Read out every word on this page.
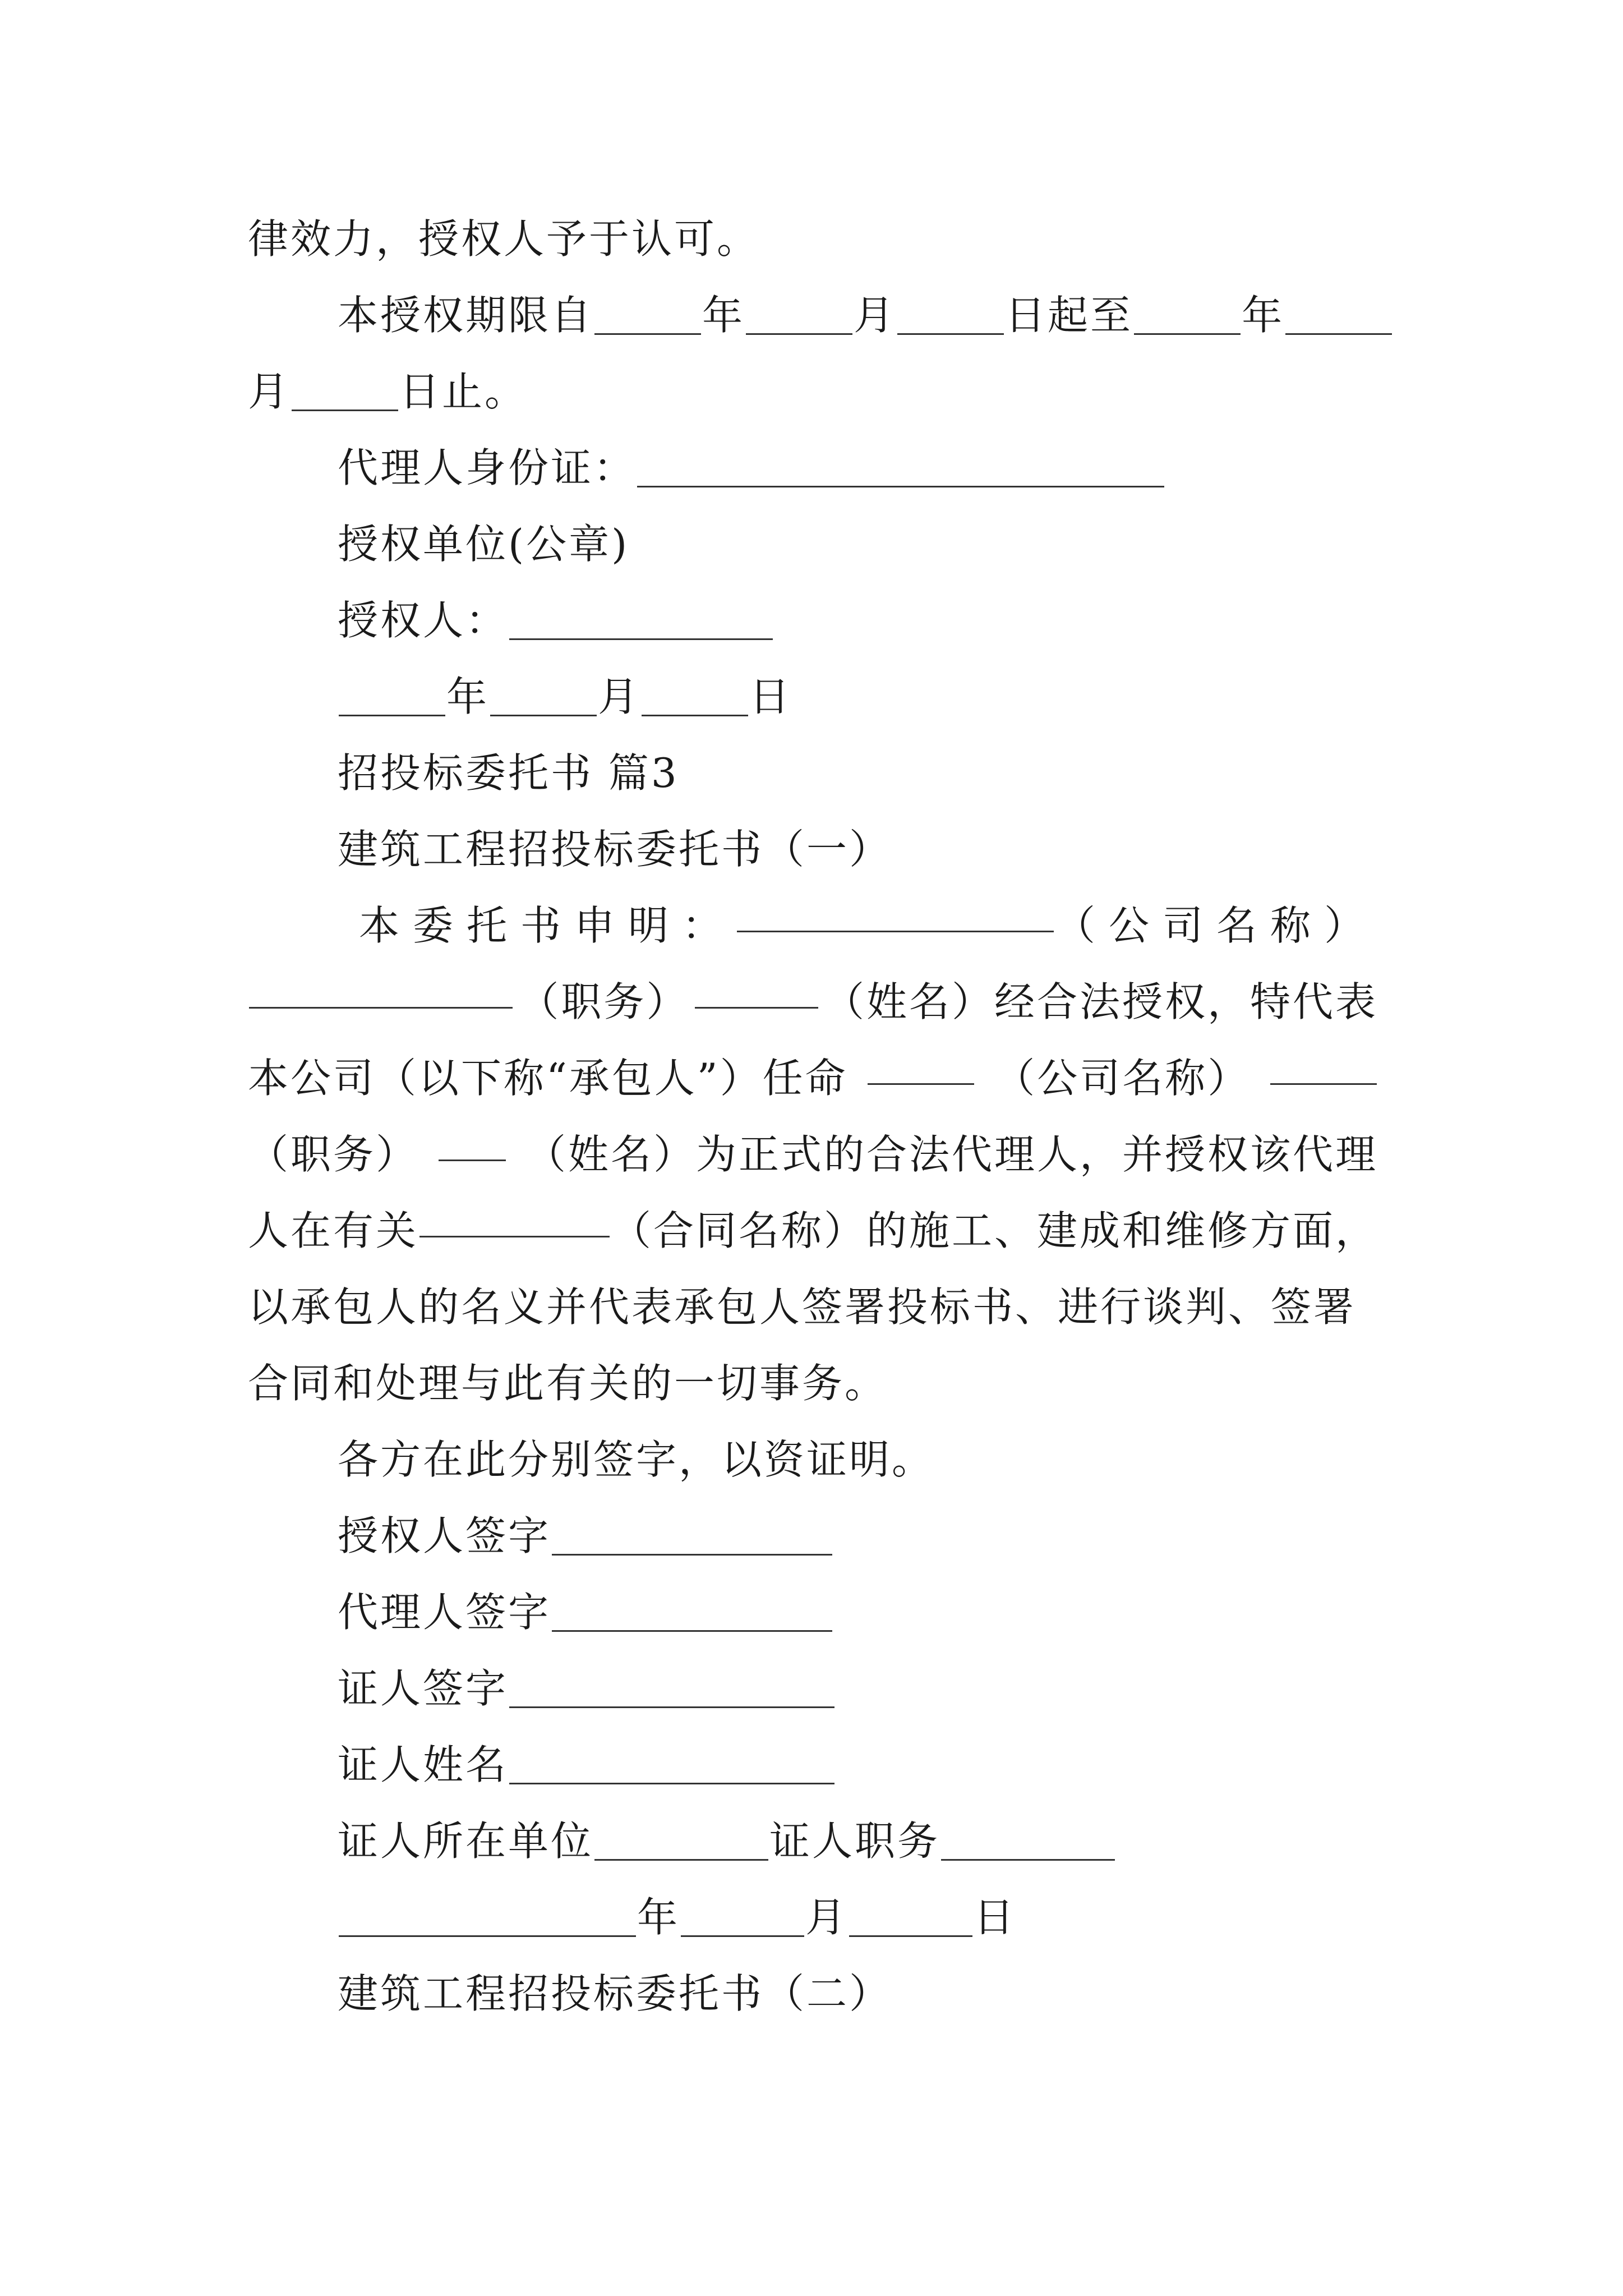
律效力，授权人予于认可。
本授权期限自	年	月	日起至	年
月	日止。
代理人身份证：
授权单位(公章)
授权人：
年	月	日
招投标委托书 篇3
建筑工程招投标委托书（一）
本委托书申明：	（公司名称）
（职务）	（姓名）经合法授权，特代表
本公司（以下称“承包人”）任命	（公司名称）
（职务）	（姓名）为正式的合法代理人，并授权该代理
人在有关	（合同名称）的施工、建成和维修方面，
以承包人的名义并代表承包人签署投标书、进行谈判、签署
合同和处理与此有关的一切事务。
各方在此分别签字，以资证明。
授权人签字
代理人签字
证人签字
证人姓名
证人所在单位	证人职务
年	月	日
建筑工程招投标委托书（二）
